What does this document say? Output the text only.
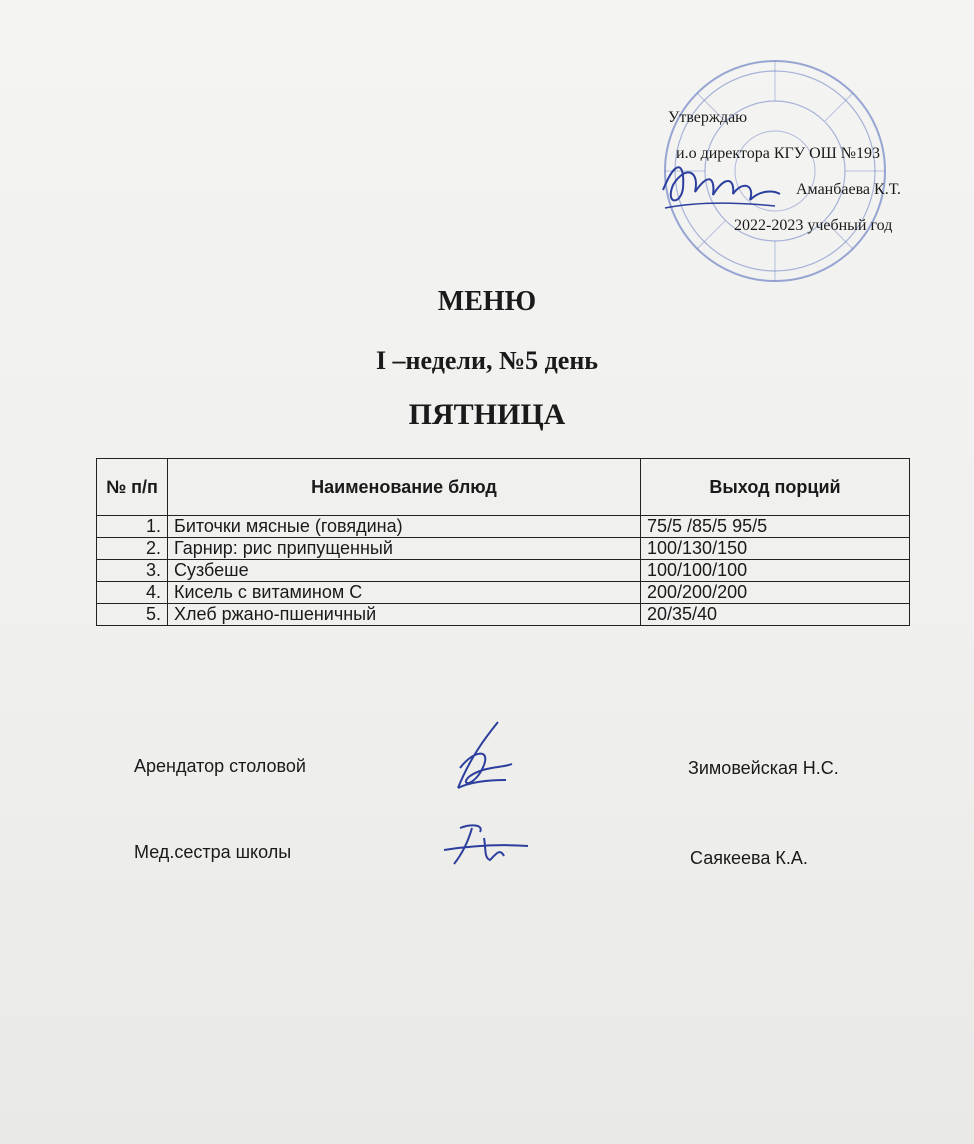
Утверждаю
и.о директора КГУ ОШ №193
Аманбаева К.Т.
2022-2023 учебный год
МЕНЮ
I –недели, №5 день
ПЯТНИЦА
№ п/п	Наименование блюд	Выход порций
1.	Биточки мясные (говядина)	75/5 /85/5 95/5
2.	Гарнир: рис припущенный	100/130/150
3.	Сузбеше	100/100/100
4.	Кисель с витамином С	200/200/200
5.	Хлеб ржано-пшеничный	20/35/40
Арендатор столовой	Зимовейская Н.С.
Мед.сестра школы	Саякеева К.А.
